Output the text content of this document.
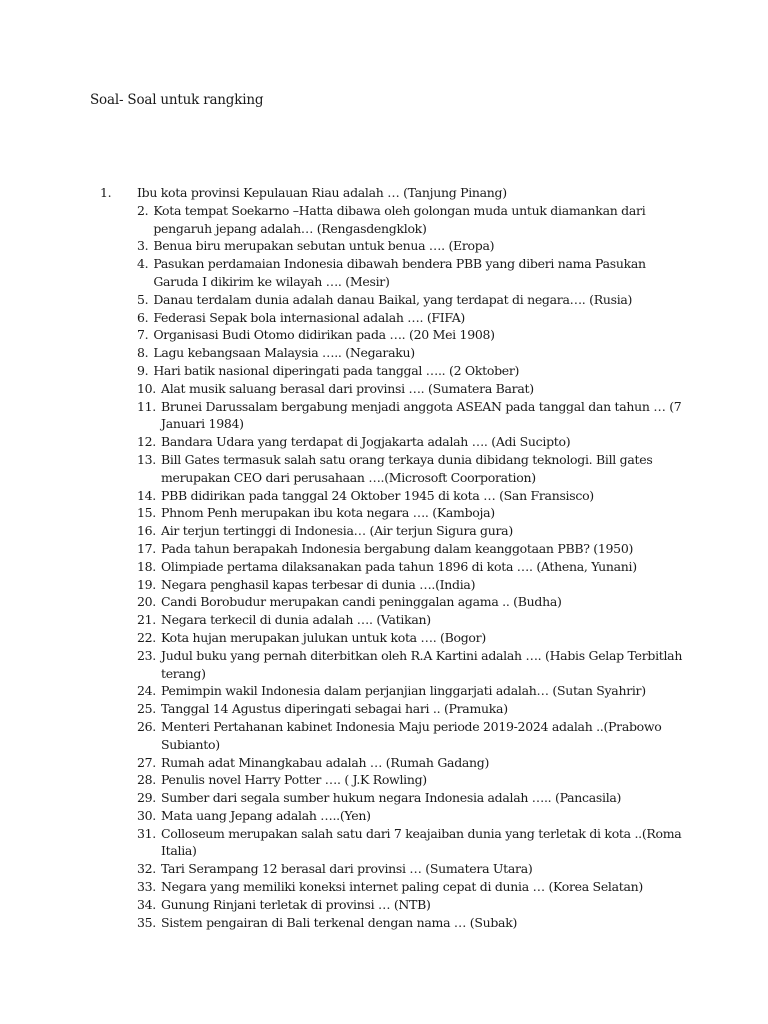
Soal- Soal untuk rangking
1.	Ibu kota provinsi Kepulauan Riau adalah … (Tanjung Pinang)
2. Kota tempat Soekarno –Hatta dibawa oleh golongan muda untuk diamankan dari pengaruh jepang adalah… (Rengasdengklok)
3. Benua biru merupakan sebutan untuk benua …. (Eropa)
4. Pasukan perdamaian Indonesia dibawah bendera PBB yang diberi nama Pasukan Garuda I dikirim ke wilayah …. (Mesir)
5. Danau terdalam dunia adalah danau Baikal, yang terdapat di negara…. (Rusia)
6. Federasi Sepak bola internasional adalah …. (FIFA)
7. Organisasi Budi Otomo didirikan pada …. (20 Mei 1908)
8. Lagu kebangsaan Malaysia ….. (Negaraku)
9. Hari batik nasional diperingati pada tanggal ….. (2 Oktober)
10. Alat musik saluang berasal dari provinsi …. (Sumatera Barat)
11. Brunei Darussalam bergabung menjadi anggota ASEAN pada tanggal dan tahun … (7 Januari 1984)
12. Bandara Udara yang terdapat di Jogjakarta adalah …. (Adi Sucipto)
13. Bill Gates termasuk salah satu orang terkaya dunia dibidang teknologi. Bill gates merupakan CEO dari perusahaan ….(Microsoft Coorporation)
14. PBB didirikan pada tanggal 24 Oktober 1945 di kota … (San Fransisco)
15. Phnom Penh merupakan ibu kota negara …. (Kamboja)
16. Air terjun tertinggi di Indonesia… (Air terjun Sigura gura)
17. Pada tahun berapakah Indonesia bergabung dalam keanggotaan PBB? (1950)
18. Olimpiade pertama dilaksanakan pada tahun 1896 di kota …. (Athena, Yunani)
19. Negara penghasil kapas terbesar di dunia ….(India)
20. Candi Borobudur merupakan candi peninggalan agama .. (Budha)
21. Negara terkecil di dunia adalah …. (Vatikan)
22. Kota hujan merupakan julukan untuk kota …. (Bogor)
23. Judul buku yang pernah diterbitkan oleh R.A Kartini adalah …. (Habis Gelap Terbitlah terang)
24. Pemimpin wakil Indonesia dalam perjanjian linggarjati adalah… (Sutan Syahrir)
25. Tanggal 14 Agustus diperingati sebagai hari .. (Pramuka)
26. Menteri Pertahanan kabinet Indonesia Maju periode 2019-2024 adalah ..(Prabowo Subianto)
27. Rumah adat Minangkabau adalah … (Rumah Gadang)
28. Penulis novel Harry Potter …. ( J.K Rowling)
29. Sumber dari segala sumber hukum negara Indonesia adalah ….. (Pancasila)
30. Mata uang Jepang adalah …..(Yen)
31. Colloseum merupakan salah satu dari 7 keajaiban dunia yang terletak di kota ..(Roma Italia)
32. Tari Serampang 12 berasal dari provinsi … (Sumatera Utara)
33. Negara yang memiliki koneksi internet paling cepat di dunia … (Korea Selatan)
34. Gunung Rinjani terletak di provinsi … (NTB)
35. Sistem pengairan di Bali terkenal dengan nama … (Subak)
